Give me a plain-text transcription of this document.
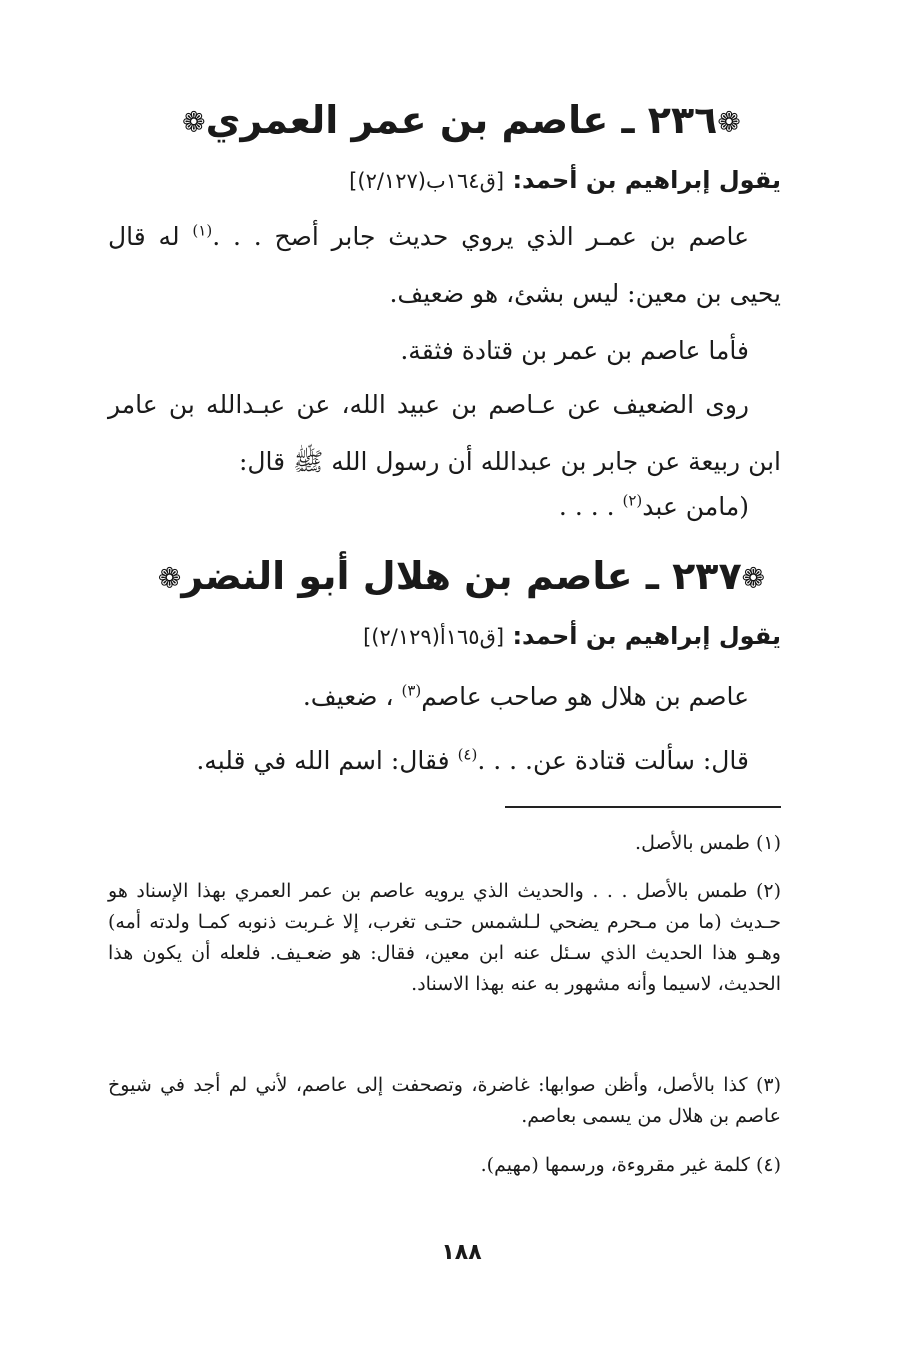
❁٢٣٦ ـ عاصم بن عمر العمري❁
يقول إبراهيم بن أحمد: [ق١٦٤ب(٢/١٢٧)]
عاصم بن عمـر الذي يروي حديث جابر أصح . . .$^{(١)}$ له قال يحيى بن معين: ليس بشئ، هو ضعيف.
فأما عاصم بن عمر بن قتادة فثقة.
روى الضعيف عن عـاصم بن عبيد الله، عن عبـدالله بن عامر ابن ربيعة عن جابر بن عبدالله أن رسول الله ﷺ قال:
(مامن عبد$^{(٢)}$ . . . .
❁٢٣٧ ـ عاصم بن هلال أبو النضر❁
يقول إبراهيم بن أحمد: [ق١٦٥أ(٢/١٢٩)]
عاصم بن هلال هو صاحب عاصم$^{(٣)}$ ، ضعيف.
قال: سألت قتادة عن. . . .$^{(٤)}$ فقال: اسم الله في قلبه.
(١) طمس بالأصل.
(٢) طمس بالأصل . . . والحديث الذي يرويه عاصم بن عمر العمري بهذا الإسناد هو حـديث (ما من مـحرم يضحي لـلشمس حتـى تغرب، إلا غـربت ذنوبه كمـا ولدته أمه) وهـو هذا الحديث الذي سـئل عنه ابن معين، فقال: هو ضعـيف. فلعله أن يكون هذا الحديث، لاسيما وأنه مشهور به عنه بهذا الاسناد.
(٣) كذا بالأصل، وأظن صوابها: غاضرة، وتصحفت إلى عاصم، لأني لم أجد في شيوخ عاصم بن هلال من يسمى بعاصم.
(٤) كلمة غير مقروءة، ورسمها (مهيم).
١٨٨
